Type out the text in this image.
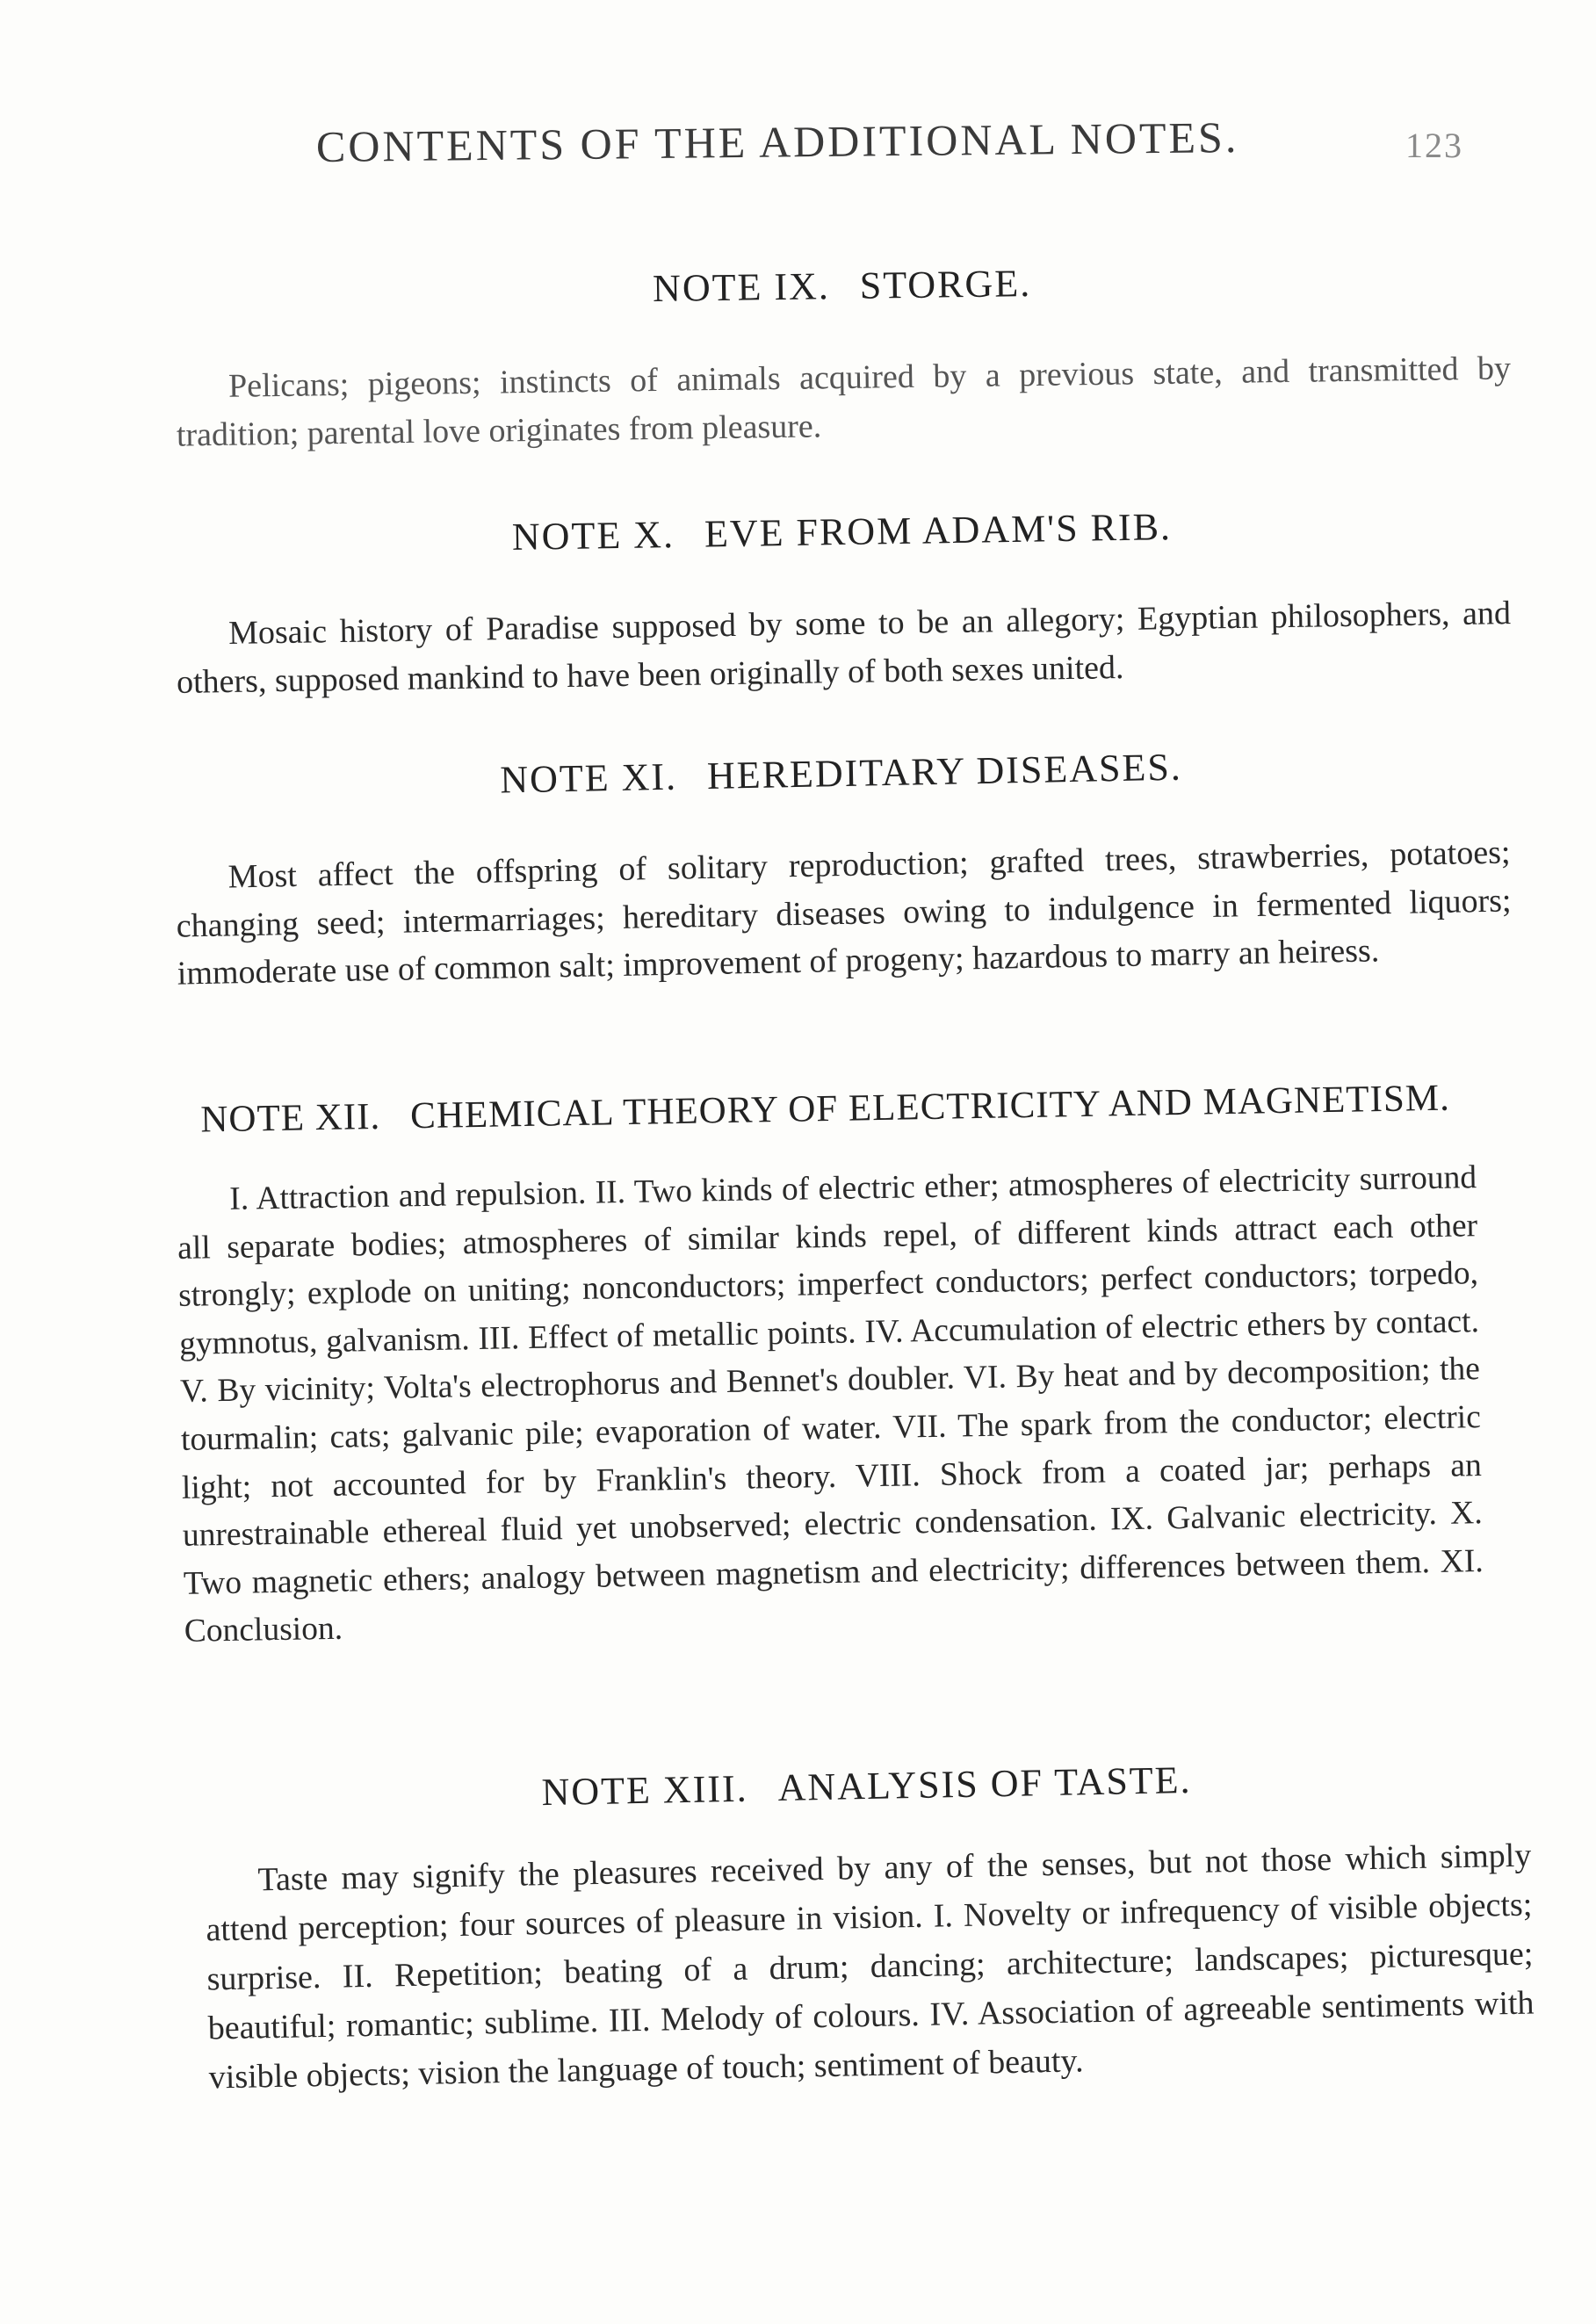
CONTENTS OF THE ADDITIONAL NOTES.	123
NOTE IX. STORGE.

Pelicans; pigeons; instincts of animals acquired by a previous state, and transmitted by tradition; parental love originates from pleasure.

NOTE X. EVE FROM ADAM'S RIB.

Mosaic history of Paradise supposed by some to be an allegory; Egyptian philosophers, and others, supposed mankind to have been originally of both sexes united.

NOTE XI. HEREDITARY DISEASES.

Most affect the offspring of solitary reproduction; grafted trees, strawberries, potatoes; changing seed; intermarriages; hereditary diseases owing to indulgence in fermented liquors; immoderate use of common salt; improvement of progeny; hazardous to marry an heiress.

NOTE XII. CHEMICAL THEORY OF ELECTRICITY AND MAGNETISM.

I. Attraction and repulsion. II. Two kinds of electric ether; atmospheres of electricity surround all separate bodies; atmospheres of similar kinds repel, of different kinds attract each other strongly; explode on uniting; nonconductors; imperfect conductors; perfect conductors; torpedo, gymnotus, galvanism. III. Effect of metallic points. IV. Accumulation of electric ethers by contact. V. By vicinity; Volta's electrophorus and Bennet's doubler. VI. By heat and by decomposition; the tourmalin; cats; galvanic pile; evaporation of water. VII. The spark from the conductor; electric light; not accounted for by Franklin's theory. VIII. Shock from a coated jar; perhaps an unrestrainable ethereal fluid yet unobserved; electric condensation. IX. Galvanic electricity. X. Two magnetic ethers; analogy between magnetism and electricity; differences between them. XI. Conclusion.

NOTE XIII. ANALYSIS OF TASTE.

Taste may signify the pleasures received by any of the senses, but not those which simply attend perception; four sources of pleasure in vision. I. Novelty or infrequency of visible objects; surprise. II. Repetition; beating of a drum; dancing; architecture; landscapes; picturesque; beautiful; romantic; sublime. III. Melody of colours. IV. Association of agreeable sentiments with visible objects; vision the language of touch; sentiment of beauty.
